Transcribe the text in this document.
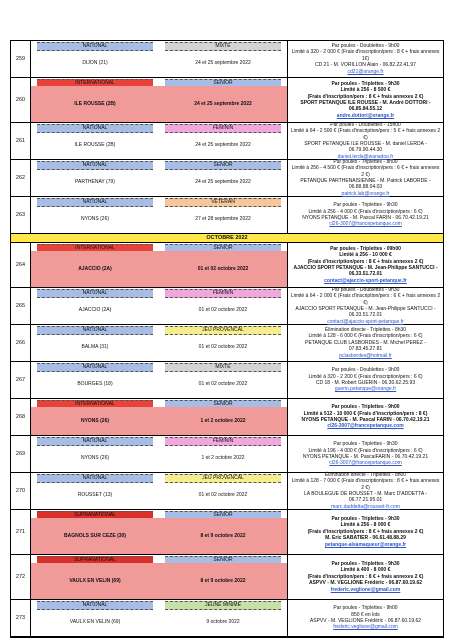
259
NATIONAL	MIXTE
DIJON (21)	24 et 25 septembre 2022
Par poules - Doublettes - 9h00
Limité à 320 - 2 000 € (Frais d'inscription/pers : 8 € + frais annexes 1€)
CD 21 - M. VORILLON Alain - 06.82.22.41.97
cd21@orange.fr
260
INTERNATIONAL	SENIOR
ILE ROUSSE (2B)	24 et 25 septembre 2022
Par poules - Triplettes - 9h30
Limité à 256 - 8 500 €
(Frais d'inscription/pers : 8 € + frais annexes 2 €)
SPORT PETANQUE ILE ROUSSE - M. André DOTTORI - 06.85.84.55.12
andre.dottori@orange.fr
261
NATIONAL	FÉMININ
ILE ROUSSE (2B)	24 et 25 septembre 2022
Par poules - Doublettes - 15h00
Limité à 64 - 2 500 € (Frais d'inscription/pers : 5 € + frais annexes 2 €)
SPORT PETANQUE ILE ROUSSE - M. daniel LERDA - 06.79.90.44.30
daniel.lerda@wanadoo.fr
262
NATIONAL	SENIOR
PARTHENAY (79)	24 et 25 septembre 2022
Par poules - Triplettes - 8h00
Limité à 256 - 4 500 € (Frais d'inscription/pers : 6 € + frais annexes 2 €)
PETANQUE PARTHENAISIENNE - M. Patrick LABORDE - 06.88.88.04.03
patrick.lab@orange.fr
263
NATIONAL	VETERAN
NYONS (26)	27 et 28 septembre 2022
Par poules - Triplettes - 9h30
Limité à 256 - 4 000 € (Frais d'inscription/pers : 6 €)
NYONS PETANQUE - M. Pascal FARIN - 06.70.42.19.21
cl26-3007@francepetanque.com
OCTOBRE 2022
264
INTERNATIONAL	SENIOR
AJACCIO (2A)	01 et 02 octobre 2022
Par poules - Triplettes - 09h00
Limité à 256 - 10 000 €
(Frais d'inscription/pers : 8 € + frais annexes 2 €)
AJACCIO SPORT PETANQUE - M. Jean-Philippe SANTUCCI - 06.33.51.72.01
contact@ajaccio-sport-petanque.fr
265
NATIONAL	FÉMININ
AJACCIO (2A)	01 et 02 octobre 2022
Par poules - Doublettes - 9h30
Limité à 64 - 2 000 € (Frais d'inscription/pers : 6 € + frais annexes 2 €)
AJACCIO SPORT PETANQUE - M. Jean-Philippe SANTUCCI - 06.33.51.72.01
contact@ajaccio-sport-petanque.fr
266
NATIONAL	JEU PROVENCAL
BALMA (31)	01 et 02 octobre 2022
Élimination directe - Triplettes - 8h30
Limité à 128 - 6 000 € (Frais d'inscription/pers : 6 €)
PETANQUE CLUB LASBORDES - M. Michel PEREZ - 07.83.45.27.81
pclasbordes@hotmail.fr
267
NATIONAL	MIXTE
BOURGES (18)	01 et 02 octobre 2022
Par poules - Doublettes - 9h00
Limité à 320 - 2 200 € (Frais d'inscription/pers : 6 €)
CD 18 - M. Robert GUERIN - 06.30.62.25.93
guerin.petanque@orange.fr
268
INTERNATIONAL	SENIOR
NYONS (26)	1 et 2 octobre 2022
Par poules - Triplettes - 9h00
Limité à 512 - 10 000 € (Frais d'inscription/pers : 8 €)
NYONS PETANQUE - M. Pascal FARIN - 06.70.42.19.21
cl26-3007@francepetanque.com
269
NATIONAL	FÉMININ
NYONS (26)	1 et 2 octobre 2022
Par poules - Triplettes - 9h30
Limité à 196 - 4 000 € (Frais d'inscription/pers : 6 €)
NYONS PETANQUE - M. PascalFARIN - 06.70.42.19.21
cl26-3007@francepetanque.com
270
NATIONAL	JEU PROVENCAL
ROUSSET (13)	01 et 02 octobre 2022
Élimination directe - Triplettes - 8h00
Limité à 128 - 7 000 € (Frais d'inscription/pers : 8 € + frais annexes 2 €)
LA BOULEGUE DE ROUSSET - M. Marc D'ADDETTA - 06.77.21.95.01
marc.daddetta@rousset-fr.com
271
SUPRANATIONAL	SENIOR
BAGNOLS SUR CEZE (30)	8 et 9 octobre 2022
Par poules - Triplettes - 9h30
Limité à 256 - 8 000 €
(Frais d'inscription/pers : 8 € + frais annexes 2 €)
M. Eric SABATIER - 06.61.48.88.29
petanque-alsamaqueur@orange.fr
272
SUPRANATIONAL	SENIOR
VAULX EN VELIN (69)	8 et 9 octobre 2022
Par poules - Triplettes - 9h30
Limité à 400 - 8 000 €
(Frais d'inscription/pers : 8 € + frais annexes 2 €)
ASPVV - M. VEGLIONE Frédéric - 06.87.60.19.62
frederic.veglione@gmail.com
273
NATIONAL	JEUNE MINIME
VAULX EN VELIN (69)	9 octobre 2022
Par poules - Triplettes - 9h00
850 € en lots
ASPVV - M. VEGLIONE Frédéric - 06.87.60.19.62
frederic.veglione@gmail.com
